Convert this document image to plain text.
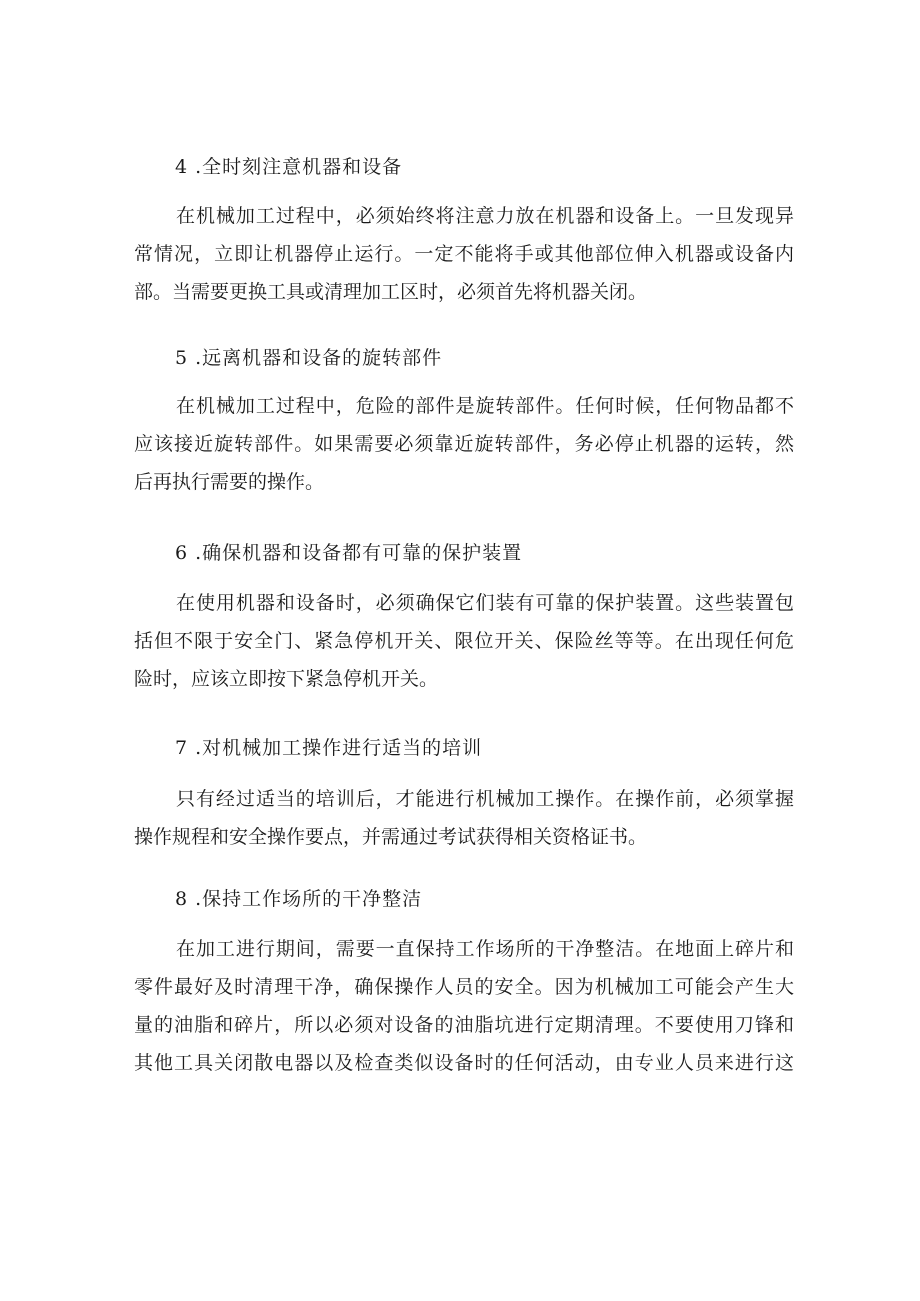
4 .全时刻注意机器和设备
在机械加工过程中，必须始终将注意力放在机器和设备上。一旦发现异
常情况，立即让机器停止运行。一定不能将手或其他部位伸入机器或设备内
部。当需要更换工具或清理加工区时，必须首先将机器关闭。
5 .远离机器和设备的旋转部件
在机械加工过程中，危险的部件是旋转部件。任何时候，任何物品都不
应该接近旋转部件。如果需要必须靠近旋转部件，务必停止机器的运转，然
后再执行需要的操作。
6 .确保机器和设备都有可靠的保护装置
在使用机器和设备时，必须确保它们装有可靠的保护装置。这些装置包
括但不限于安全门、紧急停机开关、限位开关、保险丝等等。在出现任何危
险时，应该立即按下紧急停机开关。
7 .对机械加工操作进行适当的培训
只有经过适当的培训后，才能进行机械加工操作。在操作前，必须掌握
操作规程和安全操作要点，并需通过考试获得相关资格证书。
8 .保持工作场所的干净整洁
在加工进行期间，需要一直保持工作场所的干净整洁。在地面上碎片和
零件最好及时清理干净，确保操作人员的安全。因为机械加工可能会产生大
量的油脂和碎片，所以必须对设备的油脂坑进行定期清理。不要使用刀锋和
其他工具关闭散电器以及检查类似设备时的任何活动，由专业人员来进行这
